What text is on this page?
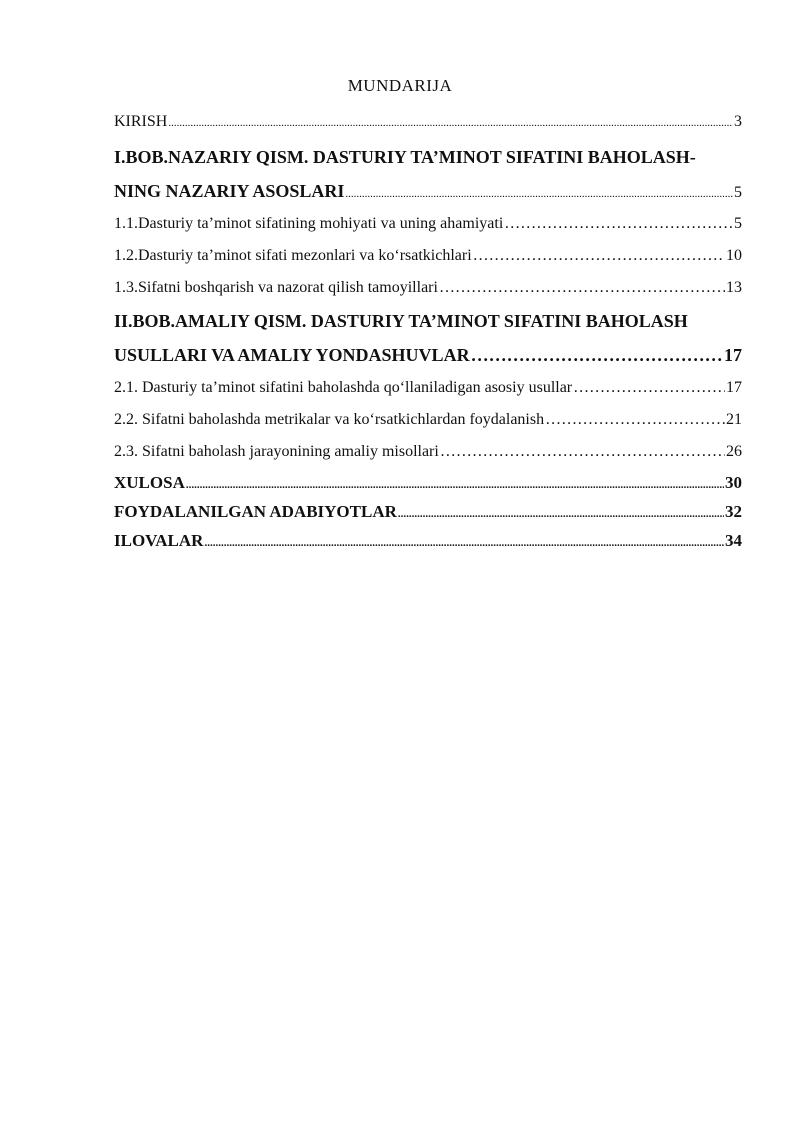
MUNDARIJA
KIRISH .....	3
I.BOB.NAZARIY QISM. DASTURIY TA’MINOT SIFATINI BAHOLASH-
NING NAZARIY ASOSLARI .....	5
1.1.Dasturiy ta’minot sifatining mohiyati va uning ahamiyati …………………………………………………………………………………………………………………………………………………………………………	5
1.2.Dasturiy ta’minot sifati mezonlari va ko‘rsatkichlari …………………………………………………………………………………………………………………………………………………………………………	10
1.3.Sifatni boshqarish va nazorat qilish tamoyillari …………………………………………………………………………………………………………………………………………………………………………	13
II.BOB.AMALIY QISM. DASTURIY TA’MINOT SIFATINI BAHOLASH
USULLARI VA AMALIY YONDASHUVLAR …………………………………………………………………………………………………………………………………………………………	17
2.1. Dasturiy ta’minot sifatini baholashda qo‘llaniladigan asosiy usullar …………………………………………………………………………………………………………………………………………………………………………	17
2.2. Sifatni baholashda metrikalar va ko‘rsatkichlardan foydalanish …………………………………………………………………………………………………………………………………………………………………………	21
2.3. Sifatni baholash jarayonining amaliy misollari …………………………………………………………………………………………………………………………………………………………………………	26
XULOSA .....	30
FOYDALANILGAN ADABIYOTLAR .....	32
ILOVALAR .....	34
